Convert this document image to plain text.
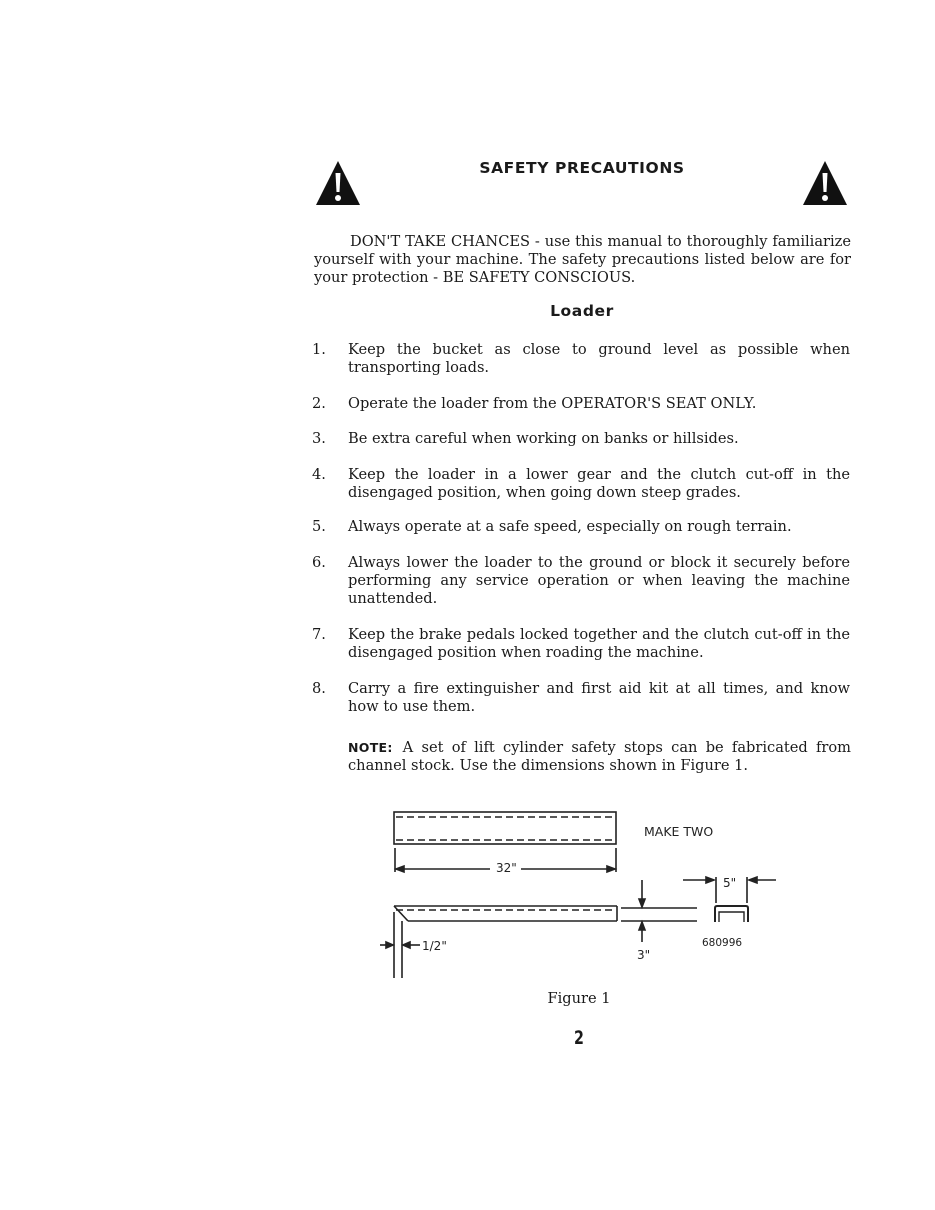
SAFETY PRECAUTIONS
DON'T TAKE CHANCES - use this manual to thoroughly familiarize yourself with your machine. The safety precautions listed below are for your protection - BE SAFETY CONSCIOUS.
Loader
1.	Keep the bucket as close to ground level as possible when transporting loads.
2.	Operate the loader from the OPERATOR'S SEAT ONLY.
3.	Be extra careful when working on banks or hillsides.
4.	Keep the loader in a lower gear and the clutch cut-off in the disengaged position, when going down steep grades.
5.	Always operate at a safe speed, especially on rough terrain.
6.	Always lower the loader to the ground or block it securely before performing any service operation or when leaving the machine unattended.
7.	Keep the brake pedals locked together and the clutch cut-off in the disengaged position when roading the machine.
8.	Carry a fire extinguisher and first aid kit at all times, and know how to use them.
NOTE: A set of lift cylinder safety stops can be fabricated from channel stock. Use the dimensions shown in Figure 1.
MAKE TWO
32"
5"
3"
1/2"	680996
Figure 1
2
